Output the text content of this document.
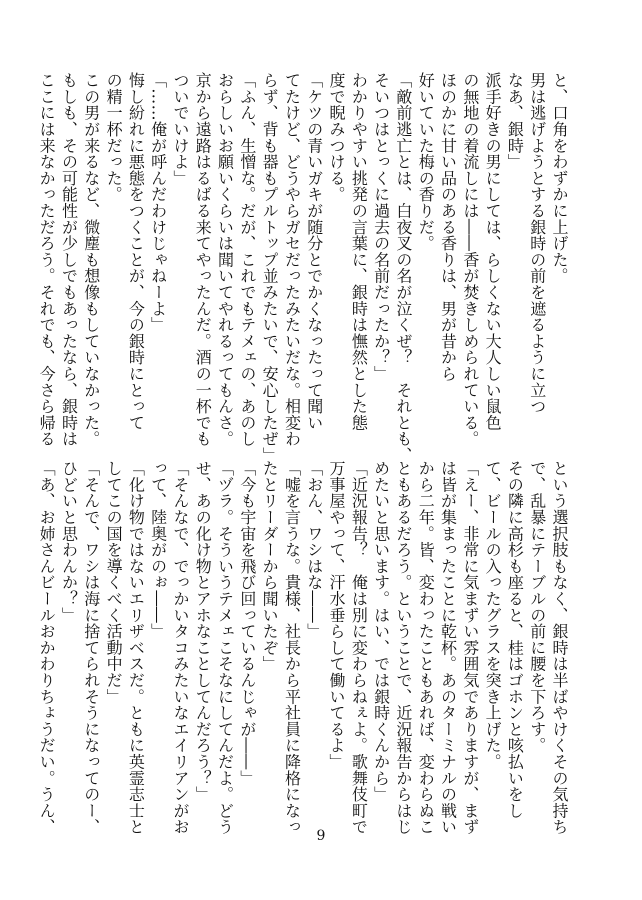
と、口角をわずかに上げた。
男は逃げようとする銀時の前を遮るように立つ
なあ、銀時」
派手好きの男にしては、らしくない大人しい鼠色
の無地の着流しには――香が焚きしめられている。
ほのかに甘い品のある香りは、男が昔から
好いていた梅の香りだ。
「敵前逃亡とは、白夜叉の名が泣くぜ？　それとも、
そいつはとっくに過去の名前だったか？」
わかりやすい挑発の言葉に、銀時は憮然とした態
度で睨みつける。
「ケツの青いガキが随分とでかくなったって聞い
てたけど、どうやらガセだったみたいだな。相変わ
らず、背も器もプルトップ並みたいで、安心したぜ」
「ふん、生憎な。だが、これでもテメェの、あのし
おらしいお願いくらいは聞いてやれるってもんさ。
京から遠路はるばる来てやったんだ。酒の一杯でも
ついでいけよ」
「……俺が呼んだわけじゃねーよ」
悔し紛れに悪態をつくことが、今の銀時にとって
の精一杯だった。
この男が来るなど、微塵も想像もしていなかった。
もしも、その可能性が少しでもあったなら、銀時は
ここには来なかっただろう。それでも、今さら帰る
という選択肢もなく、銀時は半ばやけくその気持ち
で、乱暴にテーブルの前に腰を下ろす。
その隣に高杉も座ると、桂はゴホンと咳払いをし
て、ビールの入ったグラスを突き上げた。
「えー、非常に気まずい雰囲気でありますが、まず
は皆が集まったことに乾杯。あのターミナルの戦い
から二年。皆、変わったこともあれば、変わらぬこ
ともあるだろう。ということで、近況報告からはじ
めたいと思います。はい、では銀時くんから」
「近況報告？　俺は別に変わらねぇよ。歌舞伎町で
万事屋やって、汗水垂らして働いてるよ」
「おん、ワシはな――」
「嘘を言うな。貴様、社長から平社員に降格になっ
たとリーダーから聞いたぞ」
「今も宇宙を飛び回っているんじゃが――」
「ヅラ。そういうテメェこそなにしてんだよ。どう
せ、あの化け物とアホなことしてんだろう？」
「そんなで、でっかいタコみたいなエイリアンがお
って、陸奥がのぉ――」
「化け物ではないエリザベスだ。ともに英霊志士と
してこの国を導くべく活動中だ」
「そんで、ワシは海に捨てられそうになってのー、
ひどいと思わんか？」
「あ、お姉さんビールおかわりちょうだい。うん、
9
